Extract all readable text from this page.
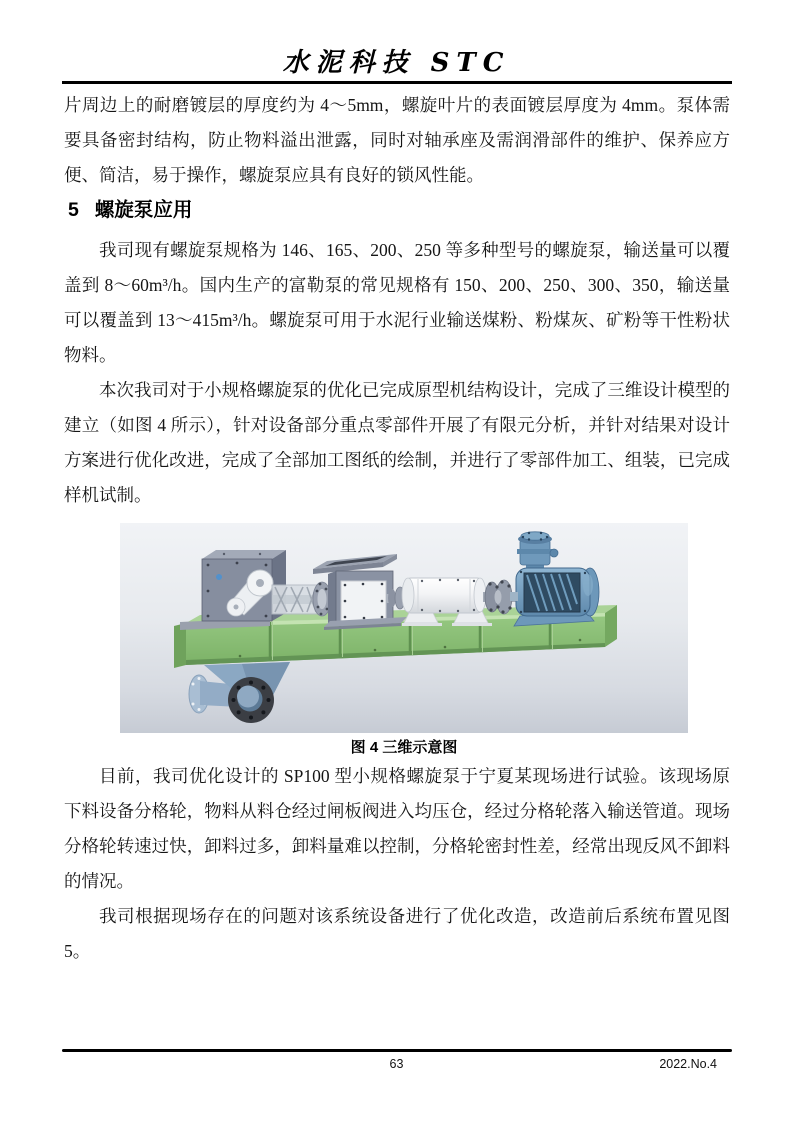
水泥科技 STC

片周边上的耐磨镀层的厚度约为 4～5mm，螺旋叶片的表面镀层厚度为 4mm。泵体需要具备密封结构，防止物料溢出泄露，同时对轴承座及需润滑部件的维护、保养应方便、简洁，易于操作，螺旋泵应具有良好的锁风性能。

5 螺旋泵应用

我司现有螺旋泵规格为 146、165、200、250 等多种型号的螺旋泵，输送量可以覆盖到 8～60m³/h。国内生产的富勒泵的常见规格有 150、200、250、300、350，输送量可以覆盖到 13～415m³/h。螺旋泵可用于水泥行业输送煤粉、粉煤灰、矿粉等干性粉状物料。

本次我司对于小规格螺旋泵的优化已完成原型机结构设计，完成了三维设计模型的建立（如图 4 所示），针对设备部分重点零部件开展了有限元分析，并针对结果对设计方案进行优化改进，完成了全部加工图纸的绘制，并进行了零部件加工、组装，已完成样机试制。

图 4 三维示意图

目前，我司优化设计的 SP100 型小规格螺旋泵于宁夏某现场进行试验。该现场原下料设备分格轮，物料从料仓经过闸板阀进入均压仓，经过分格轮落入输送管道。现场分格轮转速过快，卸料过多，卸料量难以控制，分格轮密封性差，经常出现反风不卸料的情况。

我司根据现场存在的问题对该系统设备进行了优化改造，改造前后系统布置见图 5。

63	2022.No.4
